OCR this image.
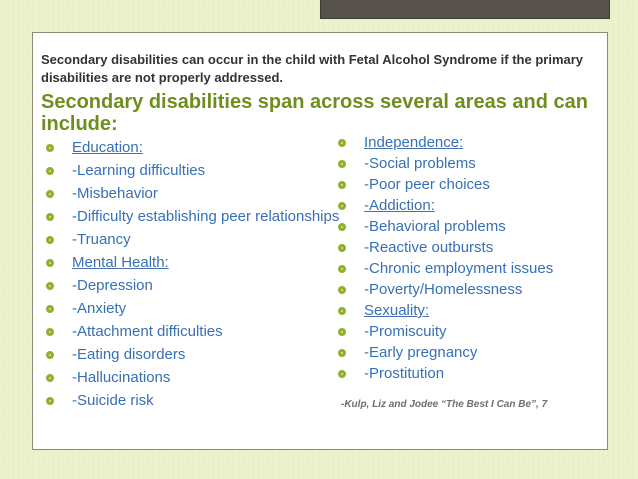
Secondary disabilities can occur in the child with Fetal Alcohol Syndrome if the primary disabilities are not properly addressed.
Secondary disabilities span across several areas and can include:
Education:
-Learning difficulties
-Misbehavior
-Difficulty establishing peer relationships
-Truancy
Mental Health:
-Depression
-Anxiety
-Attachment difficulties
-Eating disorders
-Hallucinations
-Suicide risk
Independence:
-Social problems
-Poor peer choices
-Addiction:
-Behavioral problems
-Reactive outbursts
-Chronic employment issues
-Poverty/Homelessness
Sexuality:
-Promiscuity
-Early pregnancy
-Prostitution
-Kulp, Liz and Jodee “The Best I Can Be”, 7
